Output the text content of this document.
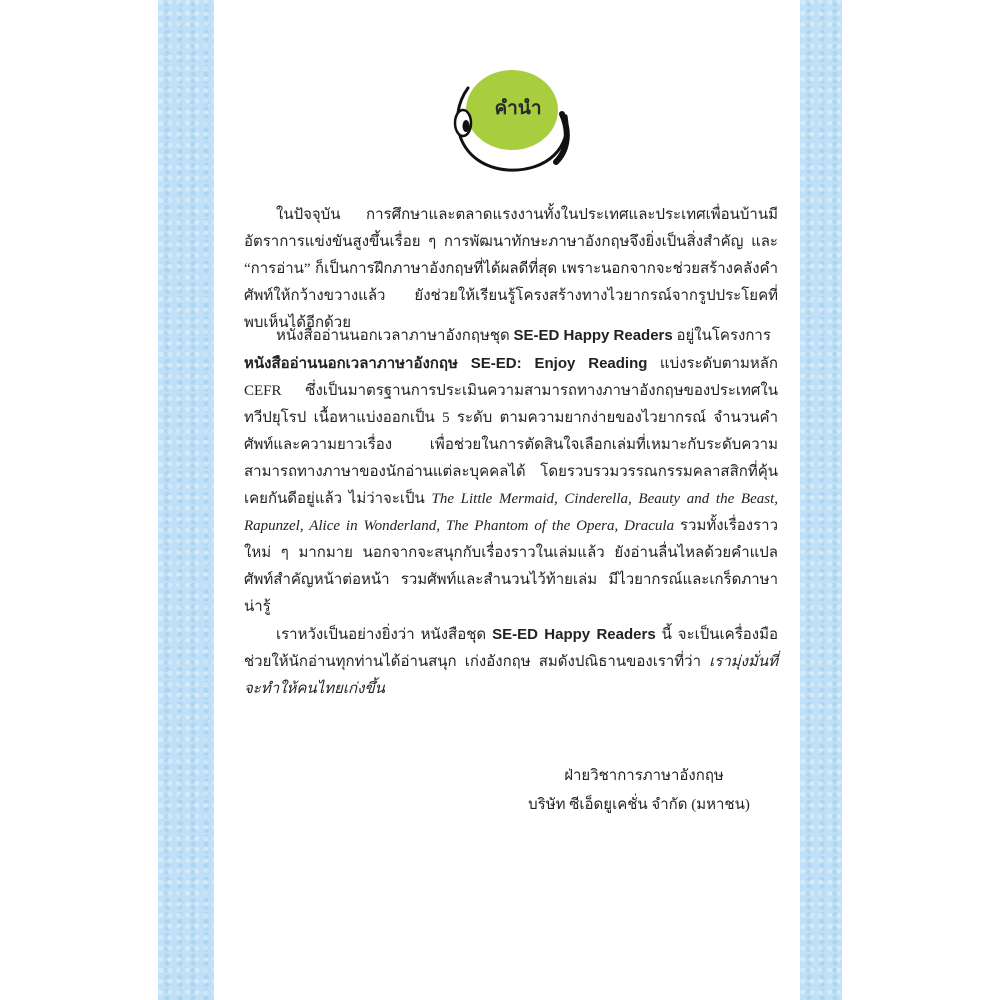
คำนำ

ในปัจจุบัน การศึกษาและตลาดแรงงานทั้งในประเทศและประเทศเพื่อนบ้านมีอัตราการแข่งขันสูงขึ้นเรื่อย ๆ การพัฒนาทักษะภาษาอังกฤษจึงยิ่งเป็นสิ่งสำคัญ และ “การอ่าน” ก็เป็นการฝึกภาษาอังกฤษที่ได้ผลดีที่สุด เพราะนอกจากจะช่วยสร้างคลังคำศัพท์ให้กว้างขวางแล้ว ยังช่วยให้เรียนรู้โครงสร้างทางไวยากรณ์จากรูปประโยคที่พบเห็นได้อีกด้วย

หนังสืออ่านนอกเวลาภาษาอังกฤษชุด SE-ED Happy Readers อยู่ในโครงการ
หนังสืออ่านนอกเวลาภาษาอังกฤษ SE-ED: Enjoy Reading แบ่งระดับตามหลัก CEFR ซึ่งเป็นมาตรฐานการประเมินความสามารถทางภาษาอังกฤษของประเทศในทวีปยุโรป เนื้อหาแบ่งออกเป็น 5 ระดับ ตามความยากง่ายของไวยากรณ์ จำนวนคำศัพท์และความยาวเรื่อง เพื่อช่วยในการตัดสินใจเลือกเล่มที่เหมาะกับระดับความสามารถทางภาษาของนักอ่านแต่ละบุคคลได้ โดยรวบรวมวรรณกรรมคลาสสิกที่คุ้นเคยกันดีอยู่แล้ว ไม่ว่าจะเป็น The Little Mermaid, Cinderella, Beauty and the Beast, Rapunzel, Alice in Wonderland, The Phantom of the Opera, Dracula รวมทั้งเรื่องราวใหม่ ๆ มากมาย นอกจากจะสนุกกับเรื่องราวในเล่มแล้ว ยังอ่านลื่นไหลด้วยคำแปลศัพท์สำคัญหน้าต่อหน้า รวมศัพท์และสำนวนไว้ท้ายเล่ม มีไวยากรณ์และเกร็ดภาษาน่ารู้

เราหวังเป็นอย่างยิ่งว่า หนังสือชุด SE-ED Happy Readers นี้ จะเป็นเครื่องมือช่วยให้นักอ่านทุกท่านได้อ่านสนุก เก่งอังกฤษ สมดังปณิธานของเราที่ว่า เรามุ่งมั่นที่จะทำให้คนไทยเก่งขึ้น

ฝ่ายวิชาการภาษาอังกฤษ
บริษัท ซีเอ็ดยูเคชั่น จำกัด (มหาชน)
